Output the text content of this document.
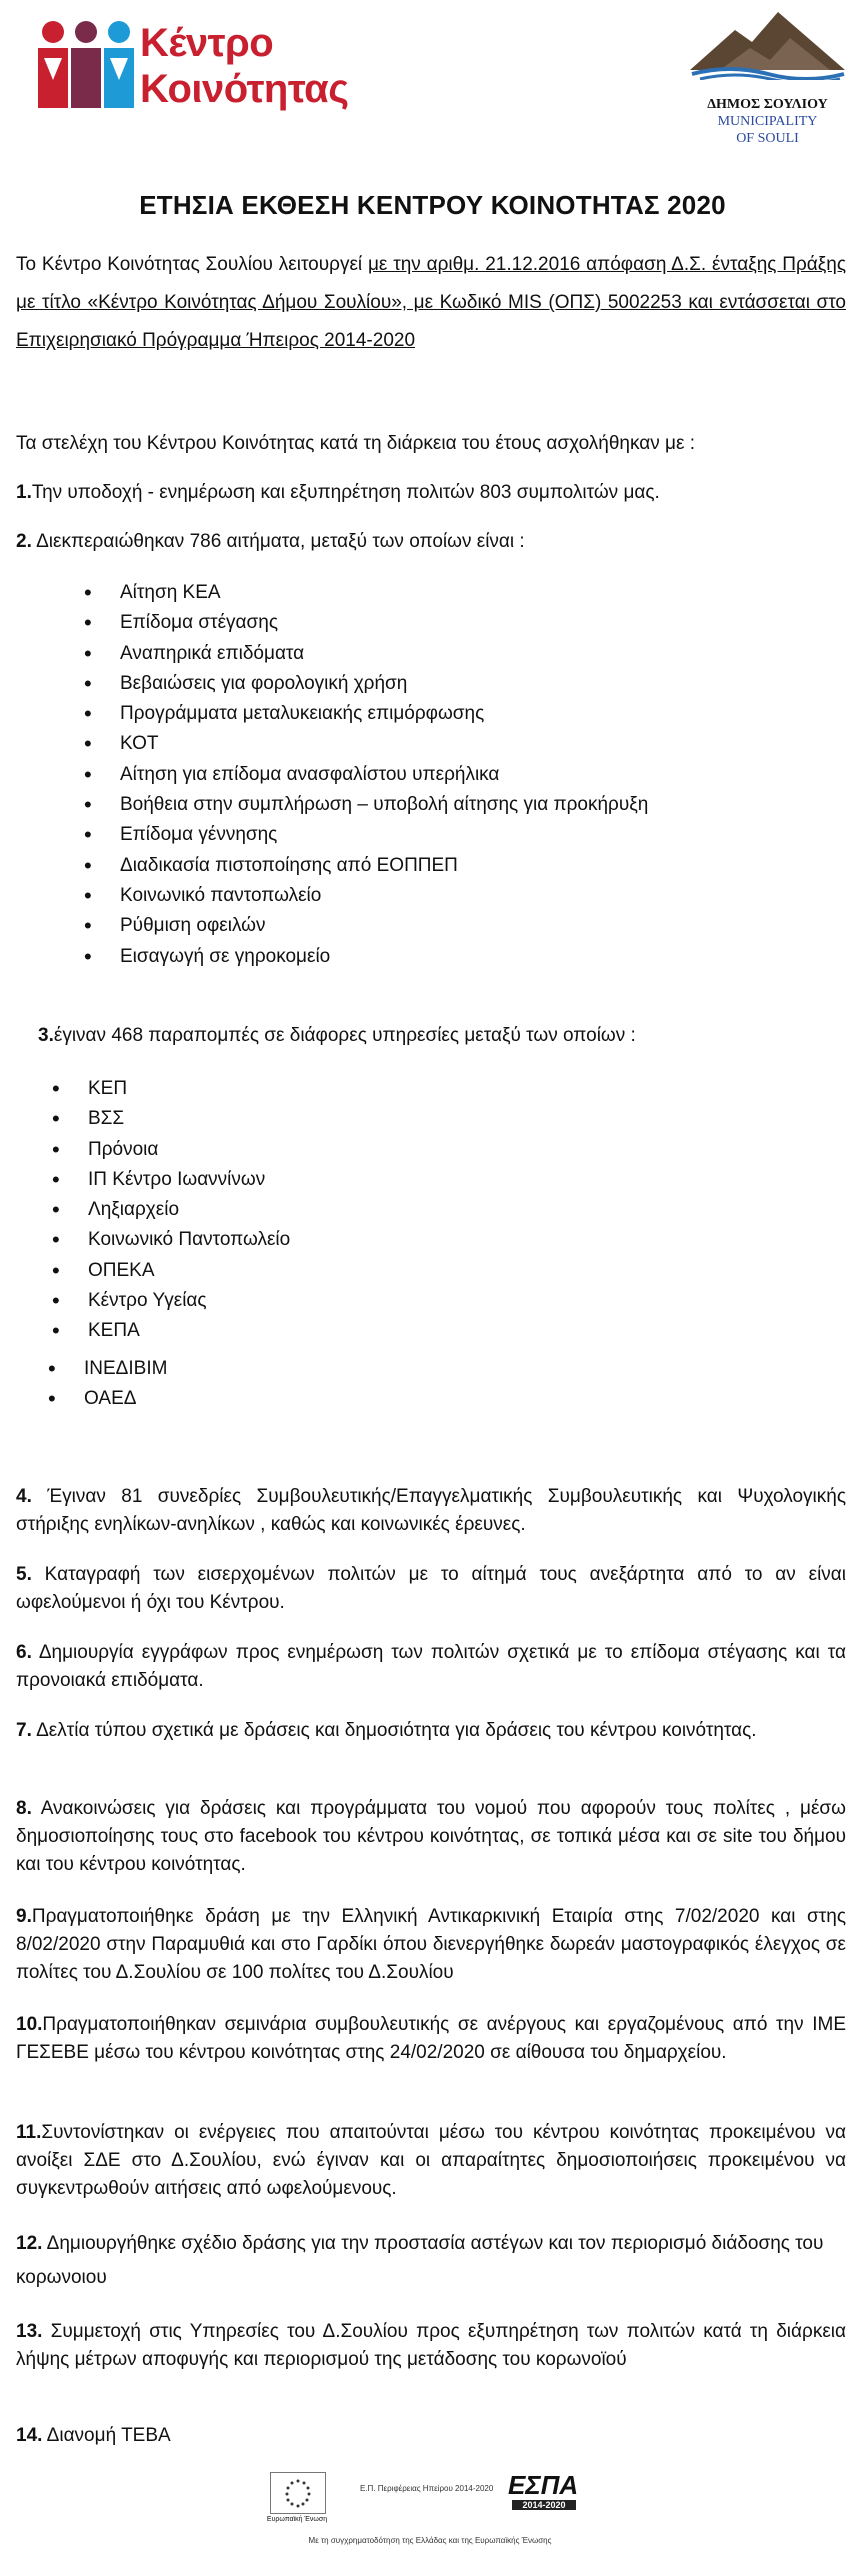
Κέντρο
Κοινότητας	ΔΗΜΟΣ ΣΟΥΛΙΟΥ
MUNICIPALITY
OF SOULI
ΕΤΗΣΙΑ ΕΚΘΕΣΗ ΚΕΝΤΡΟΥ ΚΟΙΝΟΤΗΤΑΣ 2020
Το Κέντρο Κοινότητας Σουλίου λειτουργεί με την αριθμ. 21.12.2016 απόφαση Δ.Σ. ένταξης Πράξης με τίτλο «Κέντρο Κοινότητας Δήμου Σουλίου», με Κωδικό MIS (ΟΠΣ) 5002253 και εντάσσεται στο Επιχειρησιακό Πρόγραμμα Ήπειρος 2014-2020
Τα στελέχη του Κέντρου Κοινότητας κατά τη διάρκεια του έτους ασχολήθηκαν με :
1.Την υποδοχή - ενημέρωση και εξυπηρέτηση πολιτών 803 συμπολιτών μας.
2. Διεκπεραιώθηκαν 786 αιτήματα, μεταξύ των οποίων είναι :
• Αίτηση ΚΕΑ
• Επίδομα στέγασης
• Αναπηρικά επιδόματα
• Βεβαιώσεις για φορολογική χρήση
• Προγράμματα μεταλυκειακής επιμόρφωσης
• ΚΟΤ
• Αίτηση για επίδομα ανασφαλίστου υπερήλικα
• Βοήθεια στην συμπλήρωση – υποβολή αίτησης για προκήρυξη
• Επίδομα γέννησης
• Διαδικασία πιστοποίησης από ΕΟΠΠΕΠ
• Κοινωνικό παντοπωλείο
• Ρύθμιση οφειλών
• Εισαγωγή σε γηροκομείο
3.έγιναν 468 παραπομπές σε διάφορες υπηρεσίες μεταξύ των οποίων :
• ΚΕΠ
• ΒΣΣ
• Πρόνοια
• ΙΠ Κέντρο Ιωαννίνων
• Ληξιαρχείο
• Κοινωνικό Παντοπωλείο
• ΟΠΕΚΑ
• Κέντρο Υγείας
• ΚΕΠΑ
• ΙΝΕΔΙΒΙΜ
• ΟΑΕΔ
4. Έγιναν 81 συνεδρίες Συμβουλευτικής/Επαγγελματικής Συμβουλευτικής και Ψυχολογικής στήριξης ενηλίκων-ανηλίκων , καθώς και κοινωνικές έρευνες.
5. Καταγραφή των εισερχομένων πολιτών με το αίτημά τους ανεξάρτητα από το αν είναι ωφελούμενοι ή όχι του Κέντρου.
6. Δημιουργία εγγράφων προς ενημέρωση των πολιτών σχετικά με το επίδομα στέγασης και τα προνοιακά επιδόματα.
7. Δελτία τύπου σχετικά με δράσεις και δημοσιότητα για δράσεις του κέντρου κοινότητας.
8. Ανακοινώσεις για δράσεις και προγράμματα του νομού που αφορούν τους πολίτες , μέσω δημοσιοποίησης τους στο facebook του κέντρου κοινότητας, σε τοπικά μέσα και σε site του δήμου και του κέντρου κοινότητας.
9.Πραγματοποιήθηκε δράση με την Ελληνική Αντικαρκινική Εταιρία στης 7/02/2020 και στης 8/02/2020 στην Παραμυθιά και στο Γαρδίκι όπου διενεργήθηκε δωρεάν μαστογραφικός έλεγχος σε πολίτες του Δ.Σουλίου σε 100 πολίτες του Δ.Σουλίου
10.Πραγματοποιήθηκαν σεμινάρια συμβουλευτικής σε ανέργους και εργαζομένους από την ΙΜΕ ΓΕΣΕΒΕ μέσω του κέντρου κοινότητας στης 24/02/2020 σε αίθουσα του δημαρχείου.
11.Συντονίστηκαν οι ενέργειες που απαιτούνται μέσω του κέντρου κοινότητας προκειμένου να ανοίξει ΣΔΕ στο Δ.Σουλίου, ενώ έγιναν και οι απαραίτητες δημοσιοποιήσεις προκειμένου να συγκεντρωθούν αιτήσεις από ωφελούμενους.
12. Δημιουργήθηκε σχέδιο δράσης για την προστασία αστέγων και τον περιορισμό διάδοσης του κορωνοιου
13. Συμμετοχή στις Υπηρεσίες του Δ.Σουλίου προς εξυπηρέτηση των πολιτών κατά τη διάρκεια λήψης μέτρων αποφυγής και περιορισμού της μετάδοσης του κορωνοϊού
14. Διανομή ΤΕΒΑ
Ευρωπαϊκή Ένωση
Ε.Π. Περιφέρειας Ηπείρου 2014-2020 ΕΣΠΑ
2014-2020
Με τη συγχρηματοδότηση της Ελλάδας και της Ευρωπαϊκής Ένωσης
